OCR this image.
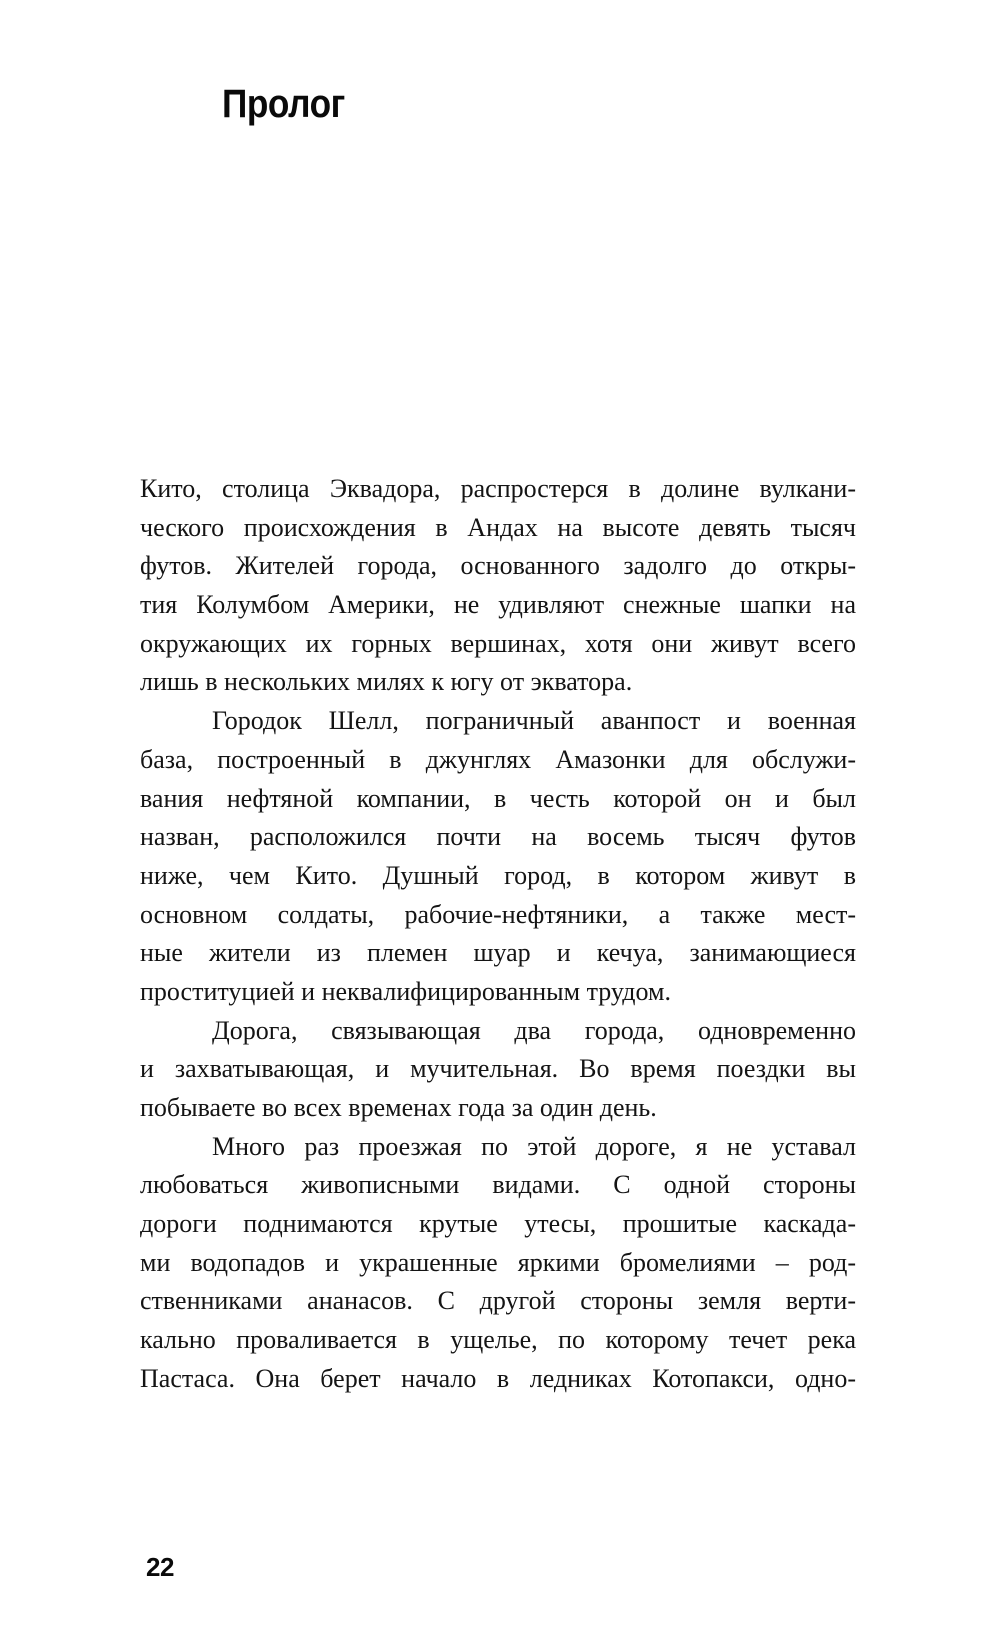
Пролог
Кито, столица Эквадора, распростерся в долине вулкани-
ческого происхождения в Андах на высоте девять тысяч
футов. Жителей города, основанного задолго до откры-
тия Колумбом Америки, не удивляют снежные шапки на
окружающих их горных вершинах, хотя они живут всего
лишь в нескольких милях к югу от экватора.
Городок Шелл, пограничный аванпост и военная
база, построенный в джунглях Амазонки для обслужи-
вания нефтяной компании, в честь которой он и был
назван, расположился почти на восемь тысяч футов
ниже, чем Кито. Душный город, в котором живут в
основном солдаты, рабочие-нефтяники, а также мест-
ные жители из племен шуар и кечуа, занимающиеся
проституцией и неквалифицированным трудом.
Дорога, связывающая два города, одновременно
и захватывающая, и мучительная. Во время поездки вы
побываете во всех временах года за один день.
Много раз проезжая по этой дороге, я не уставал
любоваться живописными видами. С одной стороны
дороги поднимаются крутые утесы, прошитые каскада-
ми водопадов и украшенные яркими бромелиями – род-
ственниками ананасов. С другой стороны земля верти-
кально проваливается в ущелье, по которому течет река
Пастаса. Она берет начало в ледниках Котопакси, одно-
22
